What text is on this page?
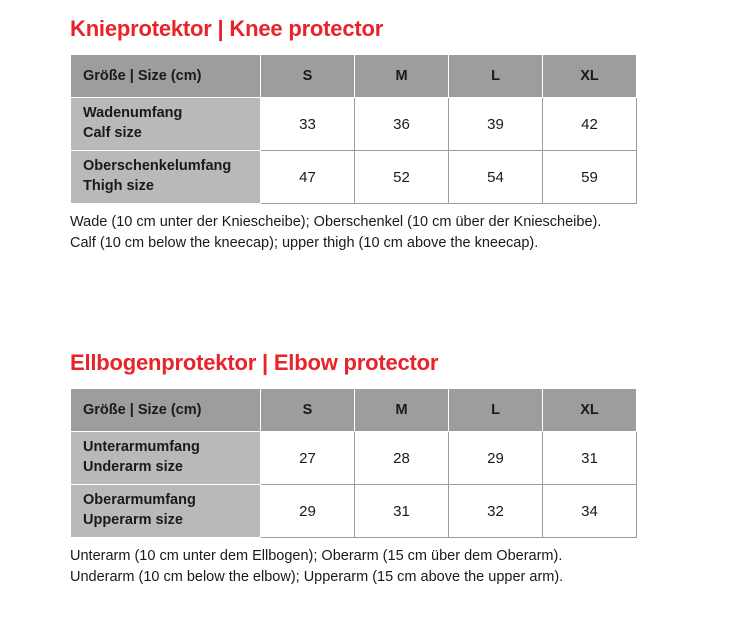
Knieprotektor | Knee protector
Größe | Size (cm)	S	M	L	XL

Wadenumfang
Calf size	33	36	39	42

Oberschenkelumfang
Thigh size	47	52	54	59
Wade (10 cm unter der Kniescheibe); Oberschenkel (10 cm über der Kniescheibe).
Calf (10 cm below the kneecap); upper thigh (10 cm above the kneecap).
Ellbogenprotektor | Elbow protector
Größe | Size (cm)	S	M	L	XL

Unterarmumfang
Underarm size	27	28	29	31

Oberarmumfang
Upperarm size	29	31	32	34
Unterarm (10 cm unter dem Ellbogen); Oberarm (15 cm über dem Oberarm).
Underarm (10 cm below the elbow); Upperarm (15 cm above the upper arm).
